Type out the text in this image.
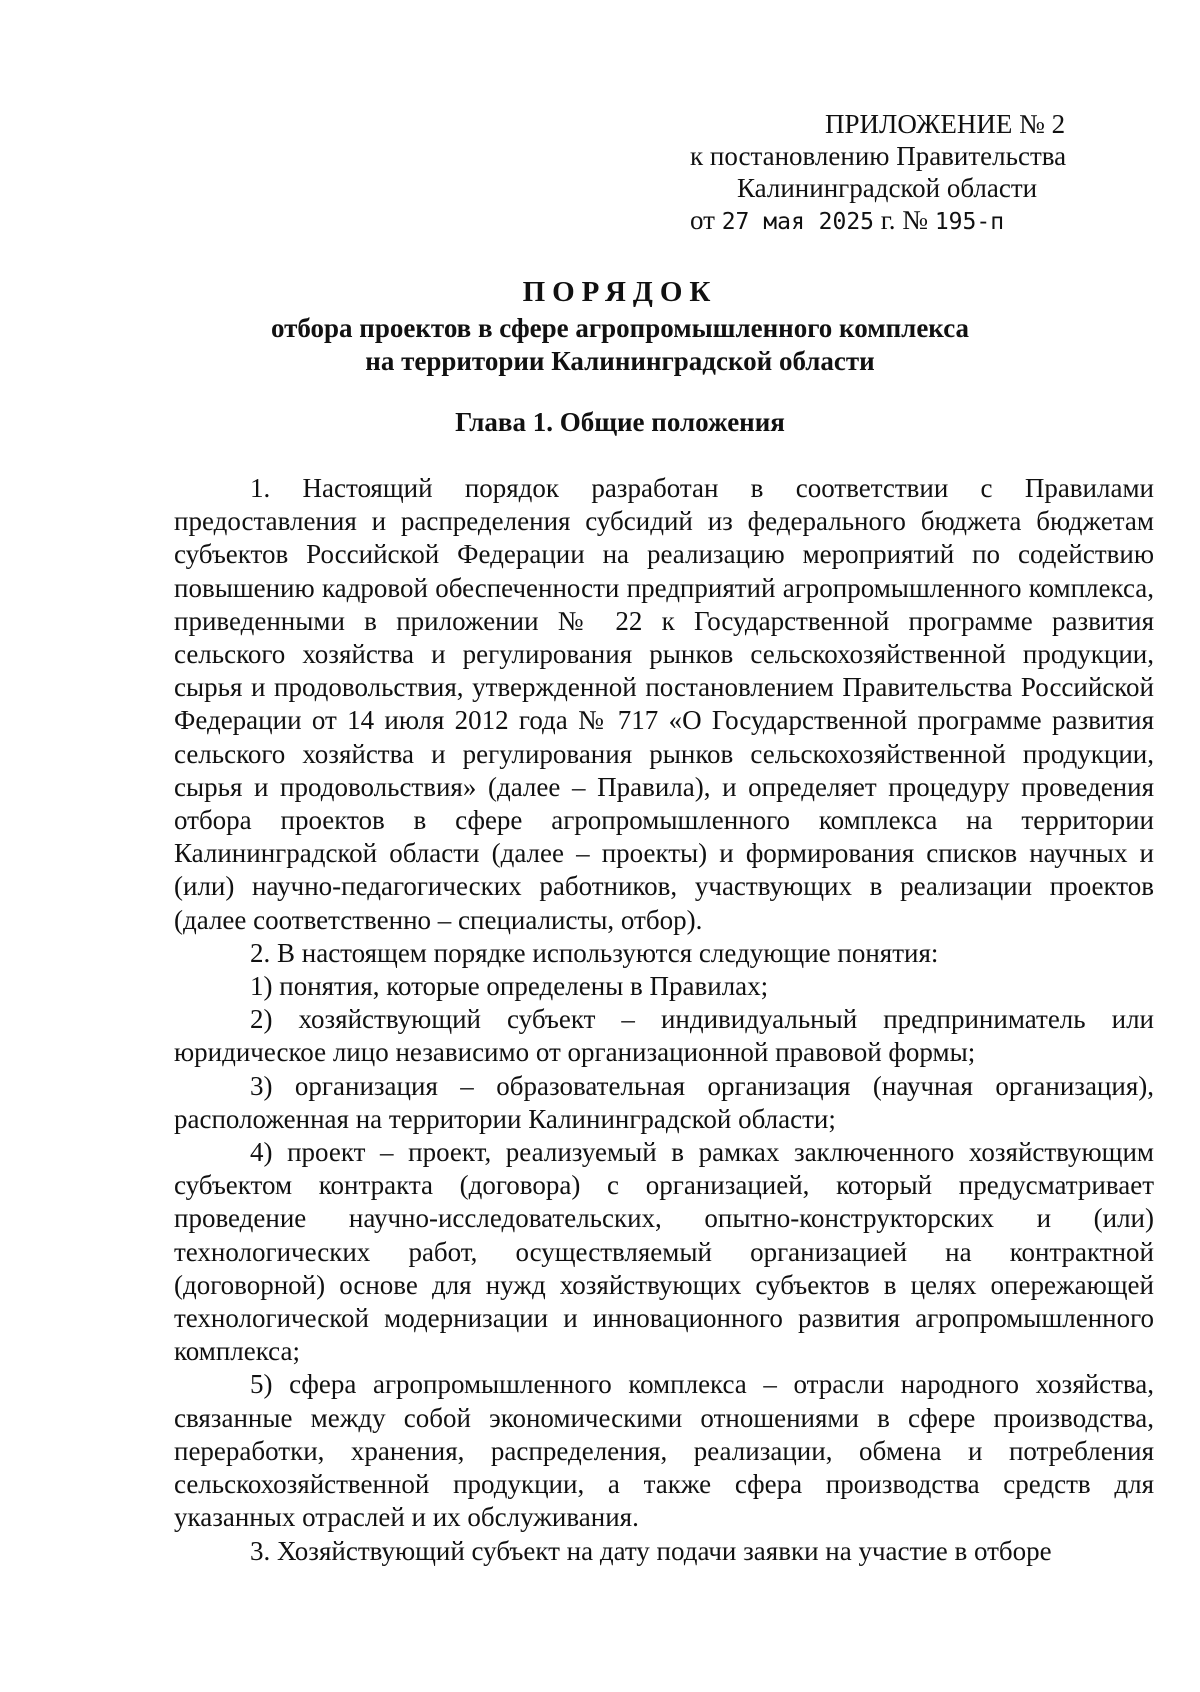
ПРИЛОЖЕНИЕ № 2
к постановлению Правительства
Калининградской области
от 27 мая 2025 г. № 195-п
ПОРЯДОК
отбора проектов в сфере агропромышленного комплекса
на территории Калининградской области
Глава 1. Общие положения

1. Настоящий порядок разработан в соответствии с Правилами предоставления и распределения субсидий из федерального бюджета бюджетам субъектов Российской Федерации на реализацию мероприятий по содействию повышению кадровой обеспеченности предприятий агропромышленного комплекса, приведенными в приложении № 22 к Государственной программе развития сельского хозяйства и регулирования рынков сельскохозяйственной продукции, сырья и продовольствия, утвержденной постановлением Правительства Российской Федерации от 14 июля 2012 года № 717 «О Государственной программе развития сельского хозяйства и регулирования рынков сельскохозяйственной продукции, сырья и продовольствия» (далее – Правила), и определяет процедуру проведения отбора проектов в сфере агропромышленного комплекса на территории Калининградской области (далее – проекты) и формирования списков научных и (или) научно-педагогических работников, участвующих в реализации проектов (далее соответственно – специалисты, отбор).

2. В настоящем порядке используются следующие понятия:

1) понятия, которые определены в Правилах;

2) хозяйствующий субъект – индивидуальный предприниматель или юридическое лицо независимо от организационной правовой формы;

3) организация – образовательная организация (научная организация), расположенная на территории Калининградской области;

4) проект – проект, реализуемый в рамках заключенного хозяйствующим субъектом контракта (договора) с организацией, который предусматривает проведение научно-исследовательских, опытно-конструкторских и (или) технологических работ, осуществляемый организацией на контрактной (договорной) основе для нужд хозяйствующих субъектов в целях опережающей технологической модернизации и инновационного развития агропромышленного комплекса;

5) сфера агропромышленного комплекса – отрасли народного хозяйства, связанные между собой экономическими отношениями в сфере производства, переработки, хранения, распределения, реализации, обмена и потребления сельскохозяйственной продукции, а также сфера производства средств для указанных отраслей и их обслуживания.

3. Хозяйствующий субъект на дату подачи заявки на участие в отборе
